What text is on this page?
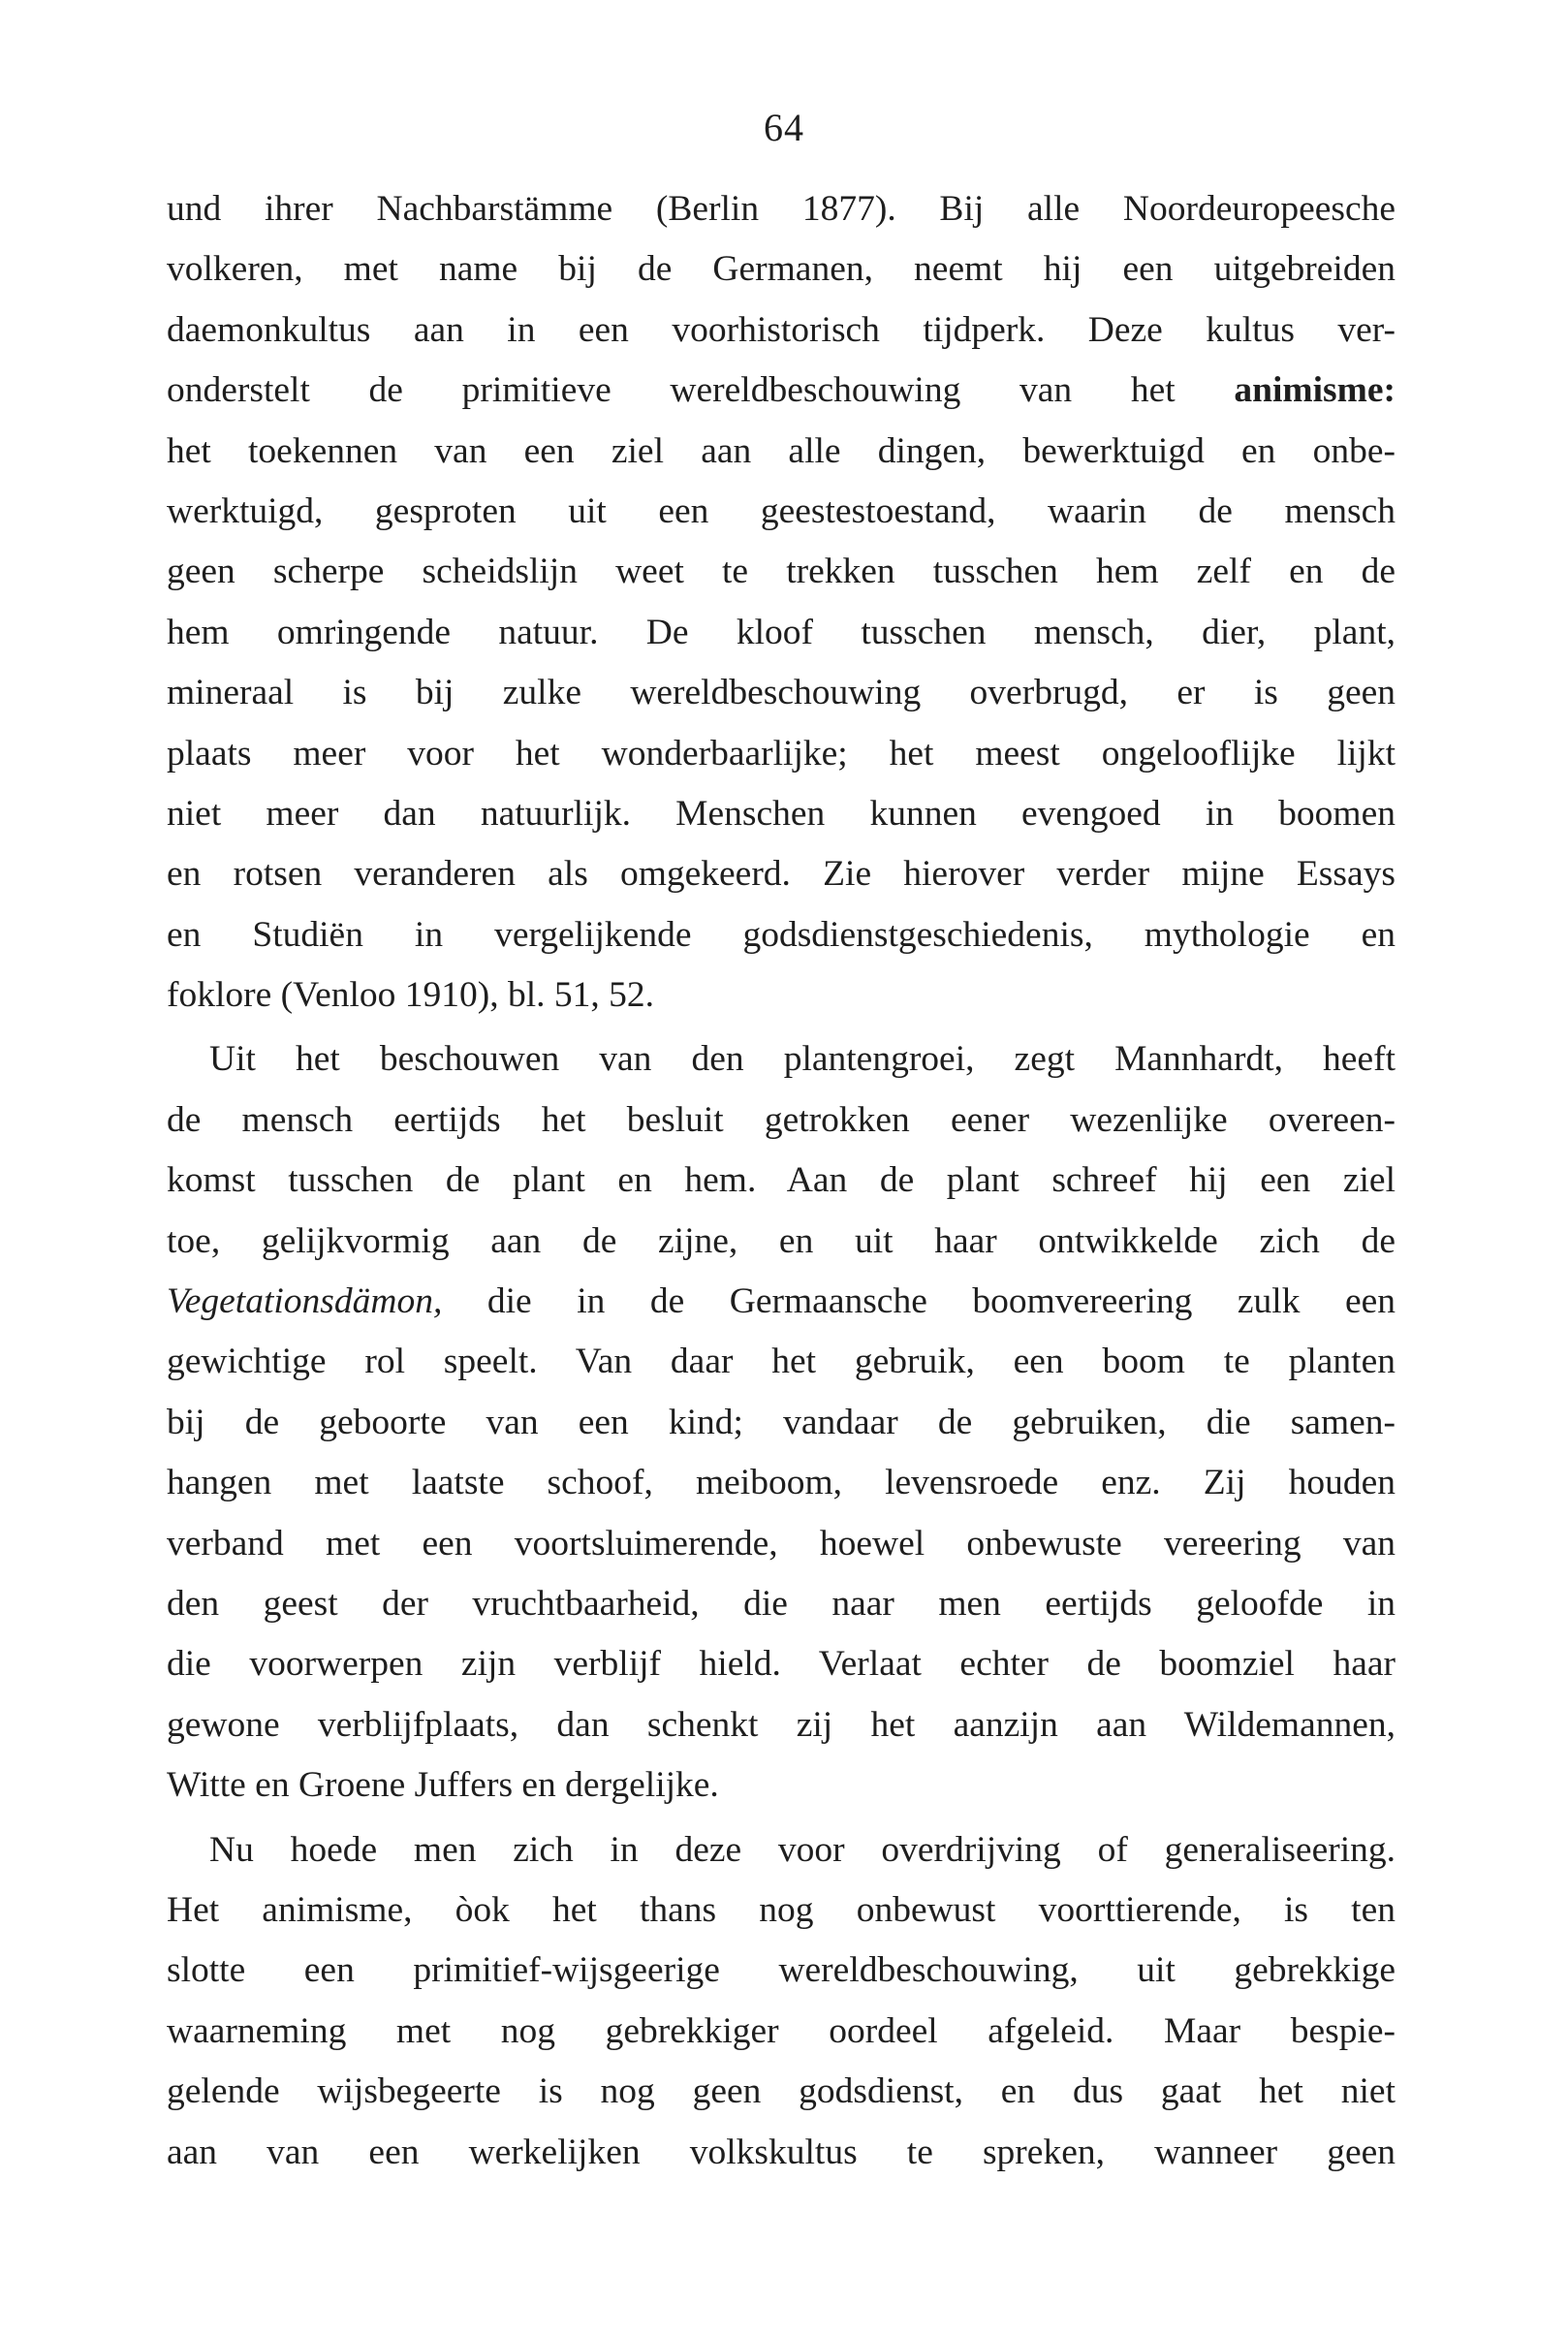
64
und ihrer Nachbarstämme (Berlin 1877). Bij alle Noordeuropeesche
volkeren, met name bij de Germanen, neemt hij een uitgebreiden
daemonkultus aan in een voorhistorisch tijdperk. Deze kultus ver-
onderstelt de primitieve wereldbeschouwing van het animisme:
het toekennen van een ziel aan alle dingen, bewerktuigd en onbe-
werktuigd, gesproten uit een geestestoestand, waarin de mensch
geen scherpe scheidslijn weet te trekken tusschen hem zelf en de
hem omringende natuur. De kloof tusschen mensch, dier, plant,
mineraal is bij zulke wereldbeschouwing overbrugd, er is geen
plaats meer voor het wonderbaarlijke; het meest ongelooflijke lijkt
niet meer dan natuurlijk. Menschen kunnen evengoed in boomen
en rotsen veranderen als omgekeerd. Zie hierover verder mijne Essays
en Studiën in vergelijkende godsdienstgeschiedenis, mythologie en
foklore (Venloo 1910), bl. 51, 52.
Uit het beschouwen van den plantengroei, zegt Mannhardt, heeft
de mensch eertijds het besluit getrokken eener wezenlijke overeen-
komst tusschen de plant en hem. Aan de plant schreef hij een ziel
toe, gelijkvormig aan de zijne, en uit haar ontwikkelde zich de
Vegetationsdämon, die in de Germaansche boomvereering zulk een
gewichtige rol speelt. Van daar het gebruik, een boom te planten
bij de geboorte van een kind; vandaar de gebruiken, die samen-
hangen met laatste schoof, meiboom, levensroede enz. Zij houden
verband met een voortsluimerende, hoewel onbewuste vereering van
den geest der vruchtbaarheid, die naar men eertijds geloofde in
die voorwerpen zijn verblijf hield. Verlaat echter de boomziel haar
gewone verblijfplaats, dan schenkt zij het aanzijn aan Wildemannen,
Witte en Groene Juffers en dergelijke.
Nu hoede men zich in deze voor overdrijving of generaliseering.
Het animisme, òok het thans nog onbewust voorttierende, is ten
slotte een primitief-wijsgeerige wereldbeschouwing, uit gebrekkige
waarneming met nog gebrekkiger oordeel afgeleid. Maar bespie-
gelende wijsbegeerte is nog geen godsdienst, en dus gaat het niet
aan van een werkelijken volkskultus te spreken, wanneer geen
